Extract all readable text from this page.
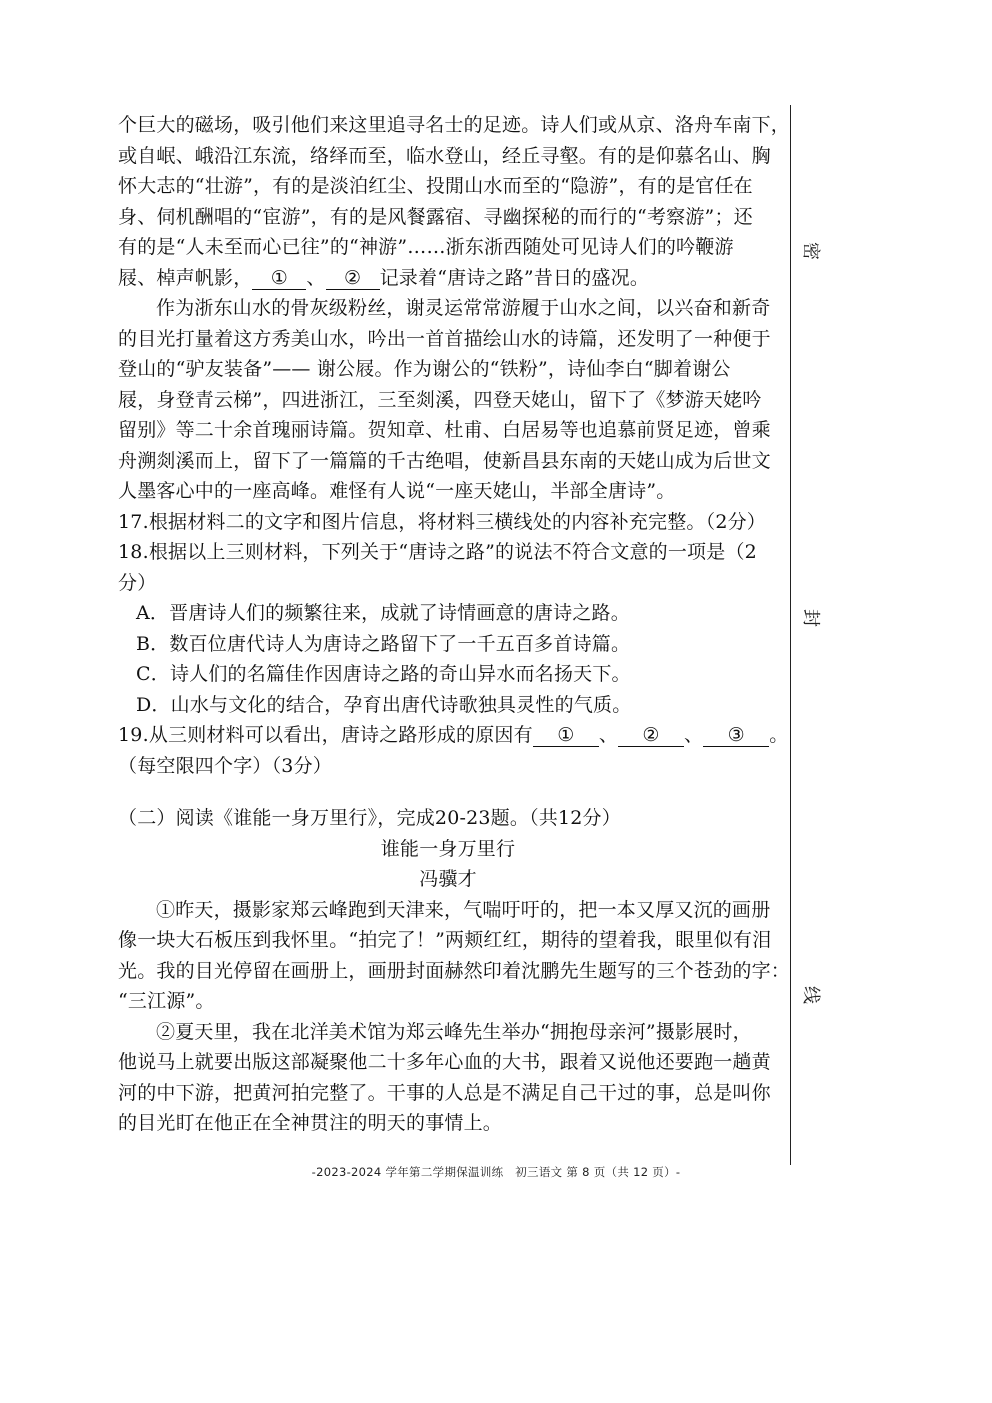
个巨大的磁场，吸引他们来这里追寻名士的足迹。诗人们或从京、洛舟车南下，
或自岷、峨沿江东流，络绎而至，临水登山，经丘寻壑。有的是仰慕名山、胸
怀大志的“壮游”，有的是淡泊红尘、投閒山水而至的“隐游”，有的是官任在
身、伺机酬唱的“宦游”，有的是风餐露宿、寻幽探秘的而行的“考察游”；还
有的是“人未至而心已往”的“神游”……浙东浙西随处可见诗人们的吟鞭游
屐、棹声帆影， ① 、 ② 记录着“唐诗之路”昔日的盛况。
作为浙东山水的骨灰级粉丝，谢灵运常常游履于山水之间，以兴奋和新奇
的目光打量着这方秀美山水，吟出一首首描绘山水的诗篇，还发明了一种便于
登山的“驴友装备”—— 谢公屐。作为谢公的“铁粉”，诗仙李白“脚着谢公
屐，身登青云梯”，四进浙江，三至剡溪，四登天姥山，留下了《梦游天姥吟
留别》等二十余首瑰丽诗篇。贺知章、杜甫、白居易等也追慕前贤足迹，曾乘
舟溯剡溪而上，留下了一篇篇的千古绝唱，使新昌县东南的天姥山成为后世文
人墨客心中的一座高峰。难怪有人说“一座天姥山，半部全唐诗”。
17.根据材料二的文字和图片信息，将材料三横线处的内容补充完整。（2分）
18.根据以上三则材料，下列关于“唐诗之路”的说法不符合文意的一项是（2
分）
A．晋唐诗人们的频繁往来，成就了诗情画意的唐诗之路。
B．数百位唐代诗人为唐诗之路留下了一千五百多首诗篇。
C．诗人们的名篇佳作因唐诗之路的奇山异水而名扬天下。
D．山水与文化的结合，孕育出唐代诗歌独具灵性的气质。
19.从三则材料可以看出，唐诗之路形成的原因有 ① 、 ② 、 ③ 。
（每空限四个字）（3分）
（二）阅读《谁能一身万里行》，完成20-23题。（共12分）
谁能一身万里行
冯骥才
①昨天，摄影家郑云峰跑到天津来，气喘吁吁的，把一本又厚又沉的画册
像一块大石板压到我怀里。“拍完了！”两颊红红，期待的望着我，眼里似有泪
光。我的目光停留在画册上，画册封面赫然印着沈鹏先生题写的三个苍劲的字：
“三江源”。
②夏天里，我在北洋美术馆为郑云峰先生举办“拥抱母亲河”摄影展时，
他说马上就要出版这部凝聚他二十多年心血的大书，跟着又说他还要跑一趟黄
河的中下游，把黄河拍完整了。干事的人总是不满足自己干过的事，总是叫你
的目光盯在他正在全神贯注的明天的事情上。
密
封
线
-2023-2024 学年第二学期保温训练　初三语文 第 8 页（共 12 页）-
